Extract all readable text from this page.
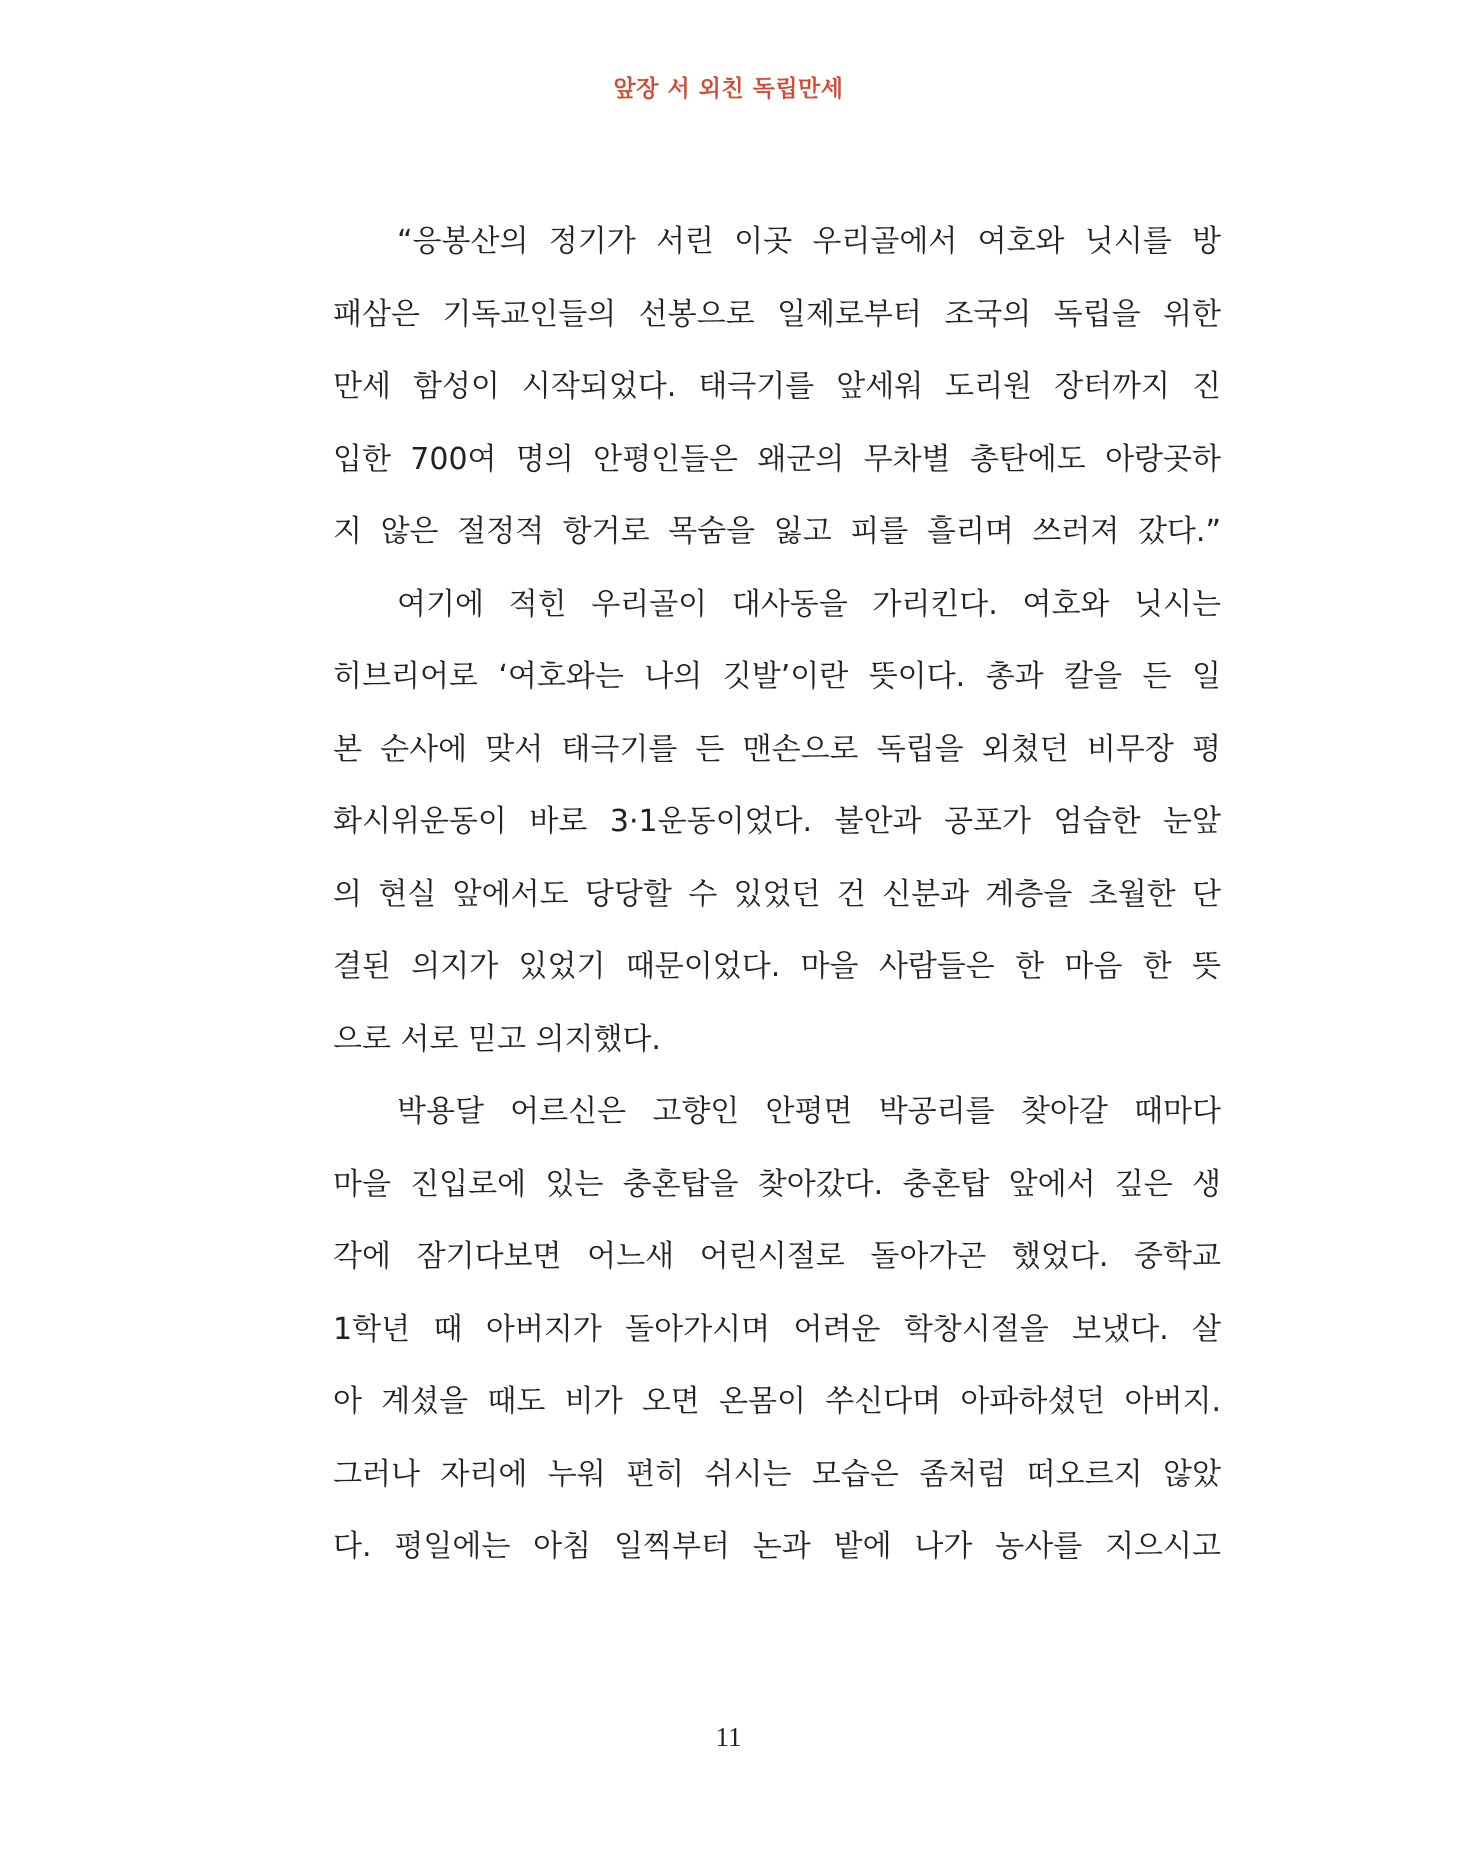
앞장 서 외친 독립만세

“응봉산의 정기가 서린 이곳 우리골에서 여호와 닛시를 방
패삼은 기독교인들의 선봉으로 일제로부터 조국의 독립을 위한
만세 함성이 시작되었다. 태극기를 앞세워 도리원 장터까지 진
입한 700여 명의 안평인들은 왜군의 무차별 총탄에도 아랑곳하
지 않은 절정적 항거로 목숨을 잃고 피를 흘리며 쓰러져 갔다.”

여기에 적힌 우리골이 대사동을 가리킨다. 여호와 닛시는
히브리어로 ‘여호와는 나의 깃발’이란 뜻이다. 총과 칼을 든 일
본 순사에 맞서 태극기를 든 맨손으로 독립을 외쳤던 비무장 평
화시위운동이 바로 3·1운동이었다. 불안과 공포가 엄습한 눈앞
의 현실 앞에서도 당당할 수 있었던 건 신분과 계층을 초월한 단
결된 의지가 있었기 때문이었다. 마을 사람들은 한 마음 한 뜻
으로 서로 믿고 의지했다.

박용달 어르신은 고향인 안평면 박공리를 찾아갈 때마다
마을 진입로에 있는 충혼탑을 찾아갔다. 충혼탑 앞에서 깊은 생
각에 잠기다보면 어느새 어린시절로 돌아가곤 했었다. 중학교
1학년 때 아버지가 돌아가시며 어려운 학창시절을 보냈다. 살
아 계셨을 때도 비가 오면 온몸이 쑤신다며 아파하셨던 아버지.
그러나 자리에 누워 편히 쉬시는 모습은 좀처럼 떠오르지 않았
다. 평일에는 아침 일찍부터 논과 밭에 나가 농사를 지으시고

11
